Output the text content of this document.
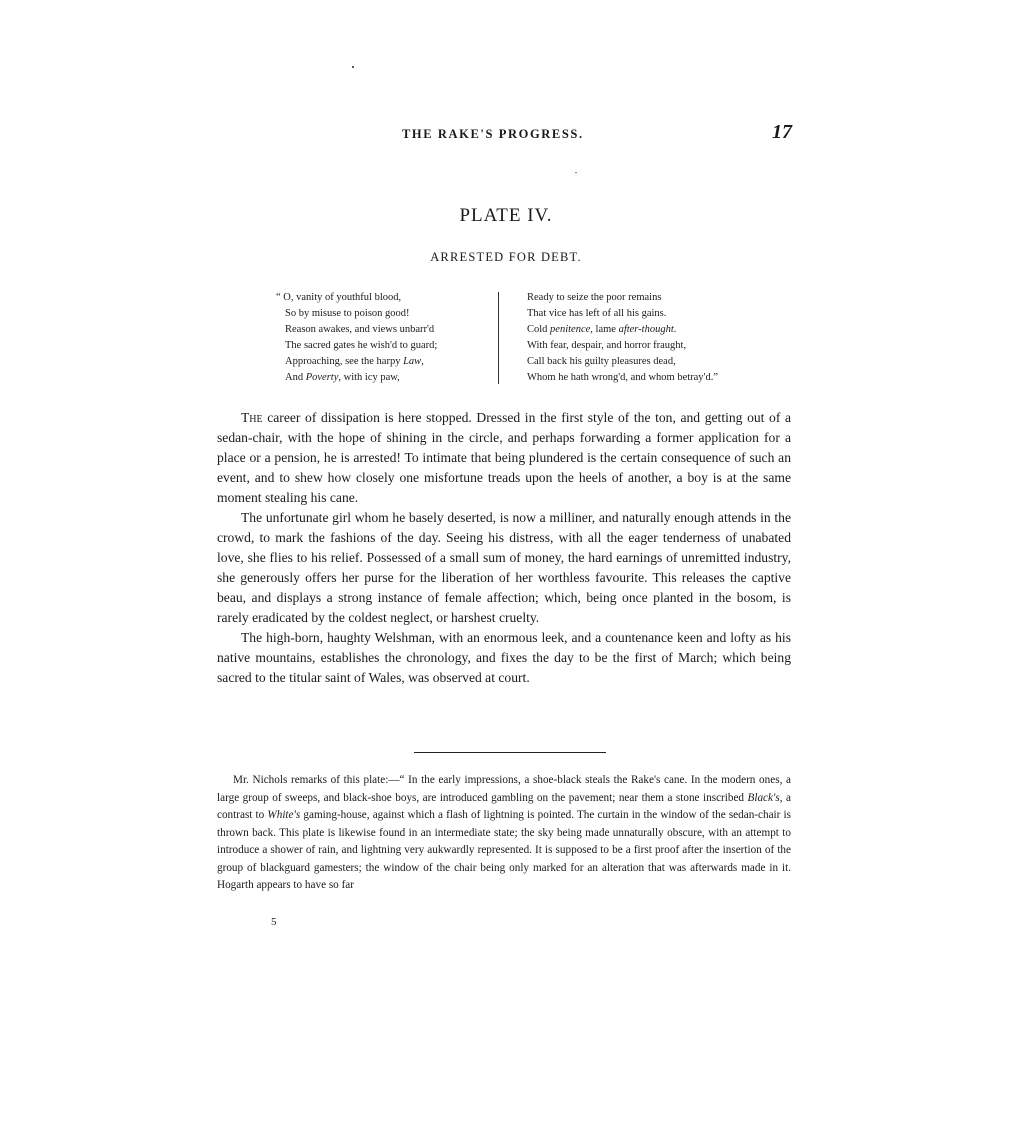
THE RAKE'S PROGRESS.	17
PLATE IV.
ARRESTED FOR DEBT.
“ O, vanity of youthful blood,
So by misuse to poison good!
Reason awakes, and views unbarr'd
The sacred gates he wish'd to guard;
Approaching, see the harpy Law,
And Poverty, with icy paw,
Ready to seize the poor remains
That vice has left of all his gains.
Cold penitence, lame after-thought.
With fear, despair, and horror fraught,
Call back his guilty pleasures dead,
Whom he hath wrong'd, and whom betray'd.”

The career of dissipation is here stopped. Dressed in the first style of the ton, and getting out of a sedan-chair, with the hope of shining in the circle, and perhaps forwarding a former application for a place or a pension, he is arrested! To intimate that being plundered is the certain consequence of such an event, and to shew how closely one misfortune treads upon the heels of another, a boy is at the same moment stealing his cane.

The unfortunate girl whom he basely deserted, is now a milliner, and naturally enough attends in the crowd, to mark the fashions of the day. Seeing his distress, with all the eager tenderness of unabated love, she flies to his relief. Possessed of a small sum of money, the hard earnings of unremitted industry, she generously offers her purse for the liberation of her worthless favourite. This releases the captive beau, and displays a strong instance of female affection; which, being once planted in the bosom, is rarely eradicated by the coldest neglect, or harshest cruelty.

The high-born, haughty Welshman, with an enormous leek, and a countenance keen and lofty as his native mountains, establishes the chronology, and fixes the day to be the first of March; which being sacred to the titular saint of Wales, was observed at court.

Mr. Nichols remarks of this plate:—“ In the early impressions, a shoe-black steals the Rake's cane. In the modern ones, a large group of sweeps, and black-shoe boys, are introduced gambling on the pavement; near them a stone inscribed Black's, a contrast to White's gaming-house, against which a flash of lightning is pointed. The curtain in the window of the sedan-chair is thrown back. This plate is likewise found in an intermediate state; the sky being made unnaturally obscure, with an attempt to introduce a shower of rain, and lightning very aukwardly represented. It is supposed to be a first proof after the insertion of the group of blackguard gamesters; the window of the chair being only marked for an alteration that was afterwards made in it. Hogarth appears to have so far

5
